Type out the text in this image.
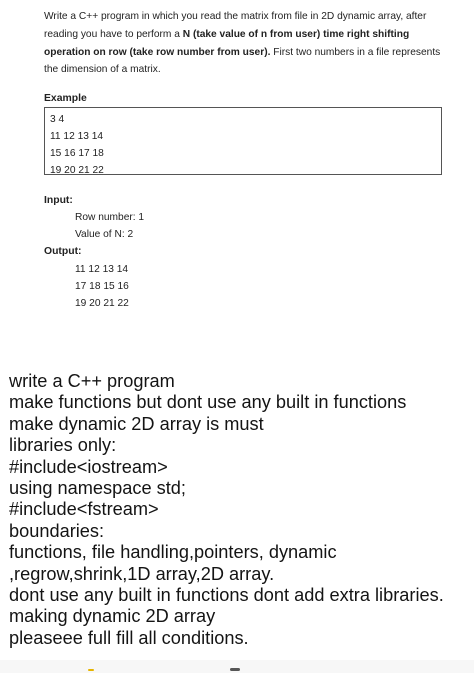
Write a C++ program in which you read the matrix from file in 2D dynamic array, after reading you have to perform a N (take value of n from user) time right shifting operation on row (take row number from user). First two numbers in a file represents the dimension of a matrix.
Example
3 4
11 12 13 14
15 16 17 18
19 20 21 22
Input:
Row number: 1
Value of N: 2
Output:
11 12 13 14
17 18 15 16
19 20 21 22
write a C++ program
make functions but dont use any built in functions
make dynamic 2D array is must
libraries only:
#include<iostream>
using namespace std;
#include<fstream>
boundaries:
functions, file handling,pointers, dynamic
,regrow,shrink,1D array,2D array.
dont use any built in functions dont add extra libraries.
making dynamic 2D array
pleaseee full fill all conditions.
